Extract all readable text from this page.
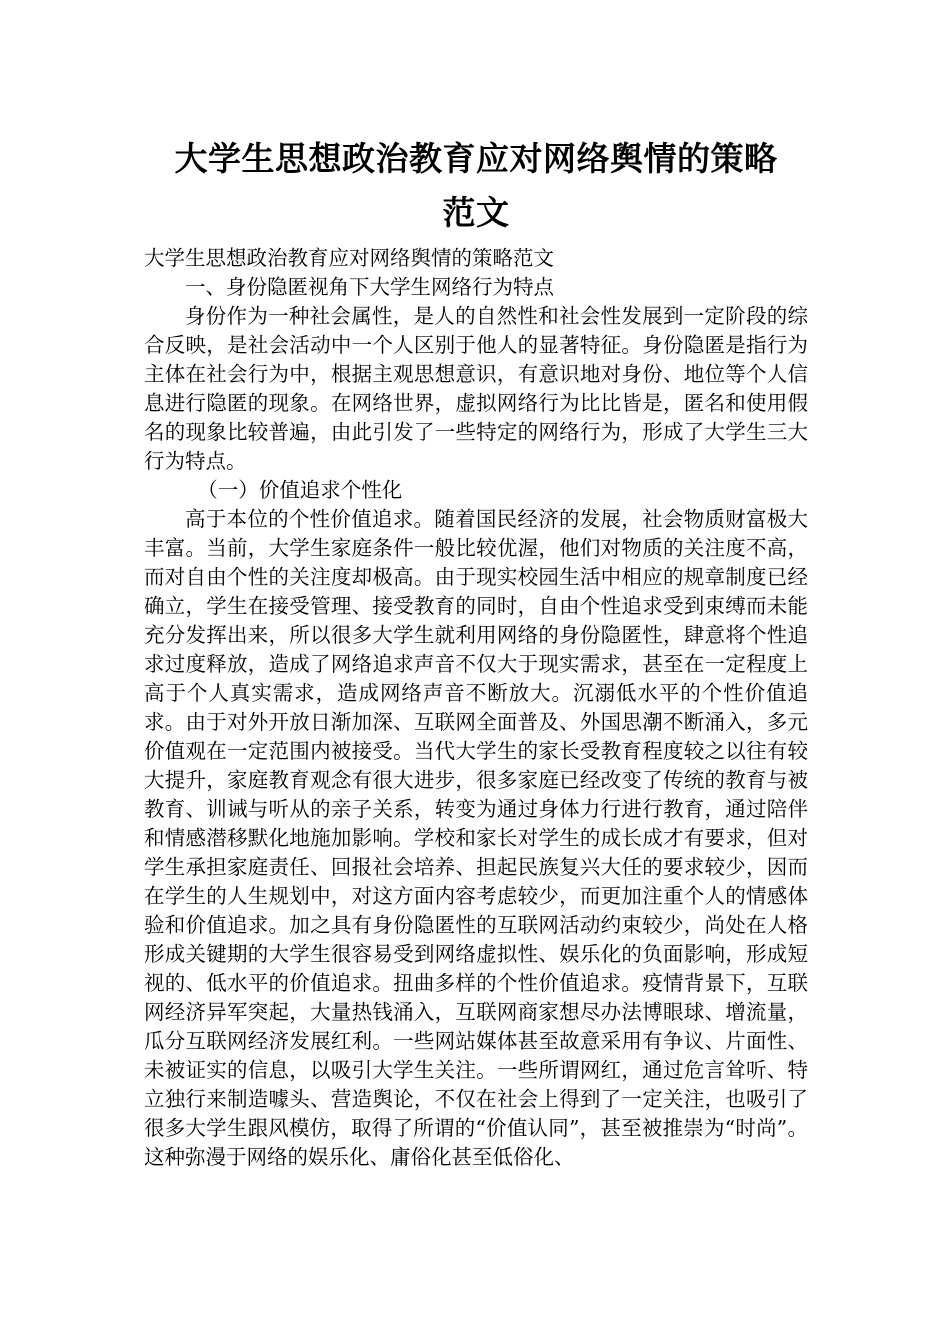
大学生思想政治教育应对网络舆情的策略
范文

大学生思想政治教育应对网络舆情的策略范文

一、身份隐匿视角下大学生网络行为特点

身份作为一种社会属性，是人的自然性和社会性发展到一定阶段的综合反映，是社会活动中一个人区别于他人的显著特征。身份隐匿是指行为主体在社会行为中，根据主观思想意识，有意识地对身份、地位等个人信息进行隐匿的现象。在网络世界，虚拟网络行为比比皆是，匿名和使用假名的现象比较普遍，由此引发了一些特定的网络行为，形成了大学生三大行为特点。

（一）价值追求个性化

高于本位的个性价值追求。随着国民经济的发展，社会物质财富极大丰富。当前，大学生家庭条件一般比较优渥，他们对物质的关注度不高，而对自由个性的关注度却极高。由于现实校园生活中相应的规章制度已经确立，学生在接受管理、接受教育的同时，自由个性追求受到束缚而未能充分发挥出来，所以很多大学生就利用网络的身份隐匿性，肆意将个性追求过度释放，造成了网络追求声音不仅大于现实需求，甚至在一定程度上高于个人真实需求，造成网络声音不断放大。沉溺低水平的个性价值追求。由于对外开放日渐加深、互联网全面普及、外国思潮不断涌入，多元价值观在一定范围内被接受。当代大学生的家长受教育程度较之以往有较大提升，家庭教育观念有很大进步，很多家庭已经改变了传统的教育与被教育、训诫与听从的亲子关系，转变为通过身体力行进行教育，通过陪伴和情感潜移默化地施加影响。学校和家长对学生的成长成才有要求，但对学生承担家庭责任、回报社会培养、担起民族复兴大任的要求较少，因而在学生的人生规划中，对这方面内容考虑较少，而更加注重个人的情感体验和价值追求。加之具有身份隐匿性的互联网活动约束较少，尚处在人格形成关键期的大学生很容易受到网络虚拟性、娱乐化的负面影响，形成短视的、低水平的价值追求。扭曲多样的个性价值追求。疫情背景下，互联网经济异军突起，大量热钱涌入，互联网商家想尽办法博眼球、增流量，瓜分互联网经济发展红利。一些网站媒体甚至故意采用有争议、片面性、未被证实的信息，以吸引大学生关注。一些所谓网红，通过危言耸听、特立独行来制造噱头、营造舆论，不仅在社会上得到了一定关注，也吸引了很多大学生跟风模仿，取得了所谓的“价值认同”，甚至被推崇为“时尚”。这种弥漫于网络的娱乐化、庸俗化甚至低俗化、
